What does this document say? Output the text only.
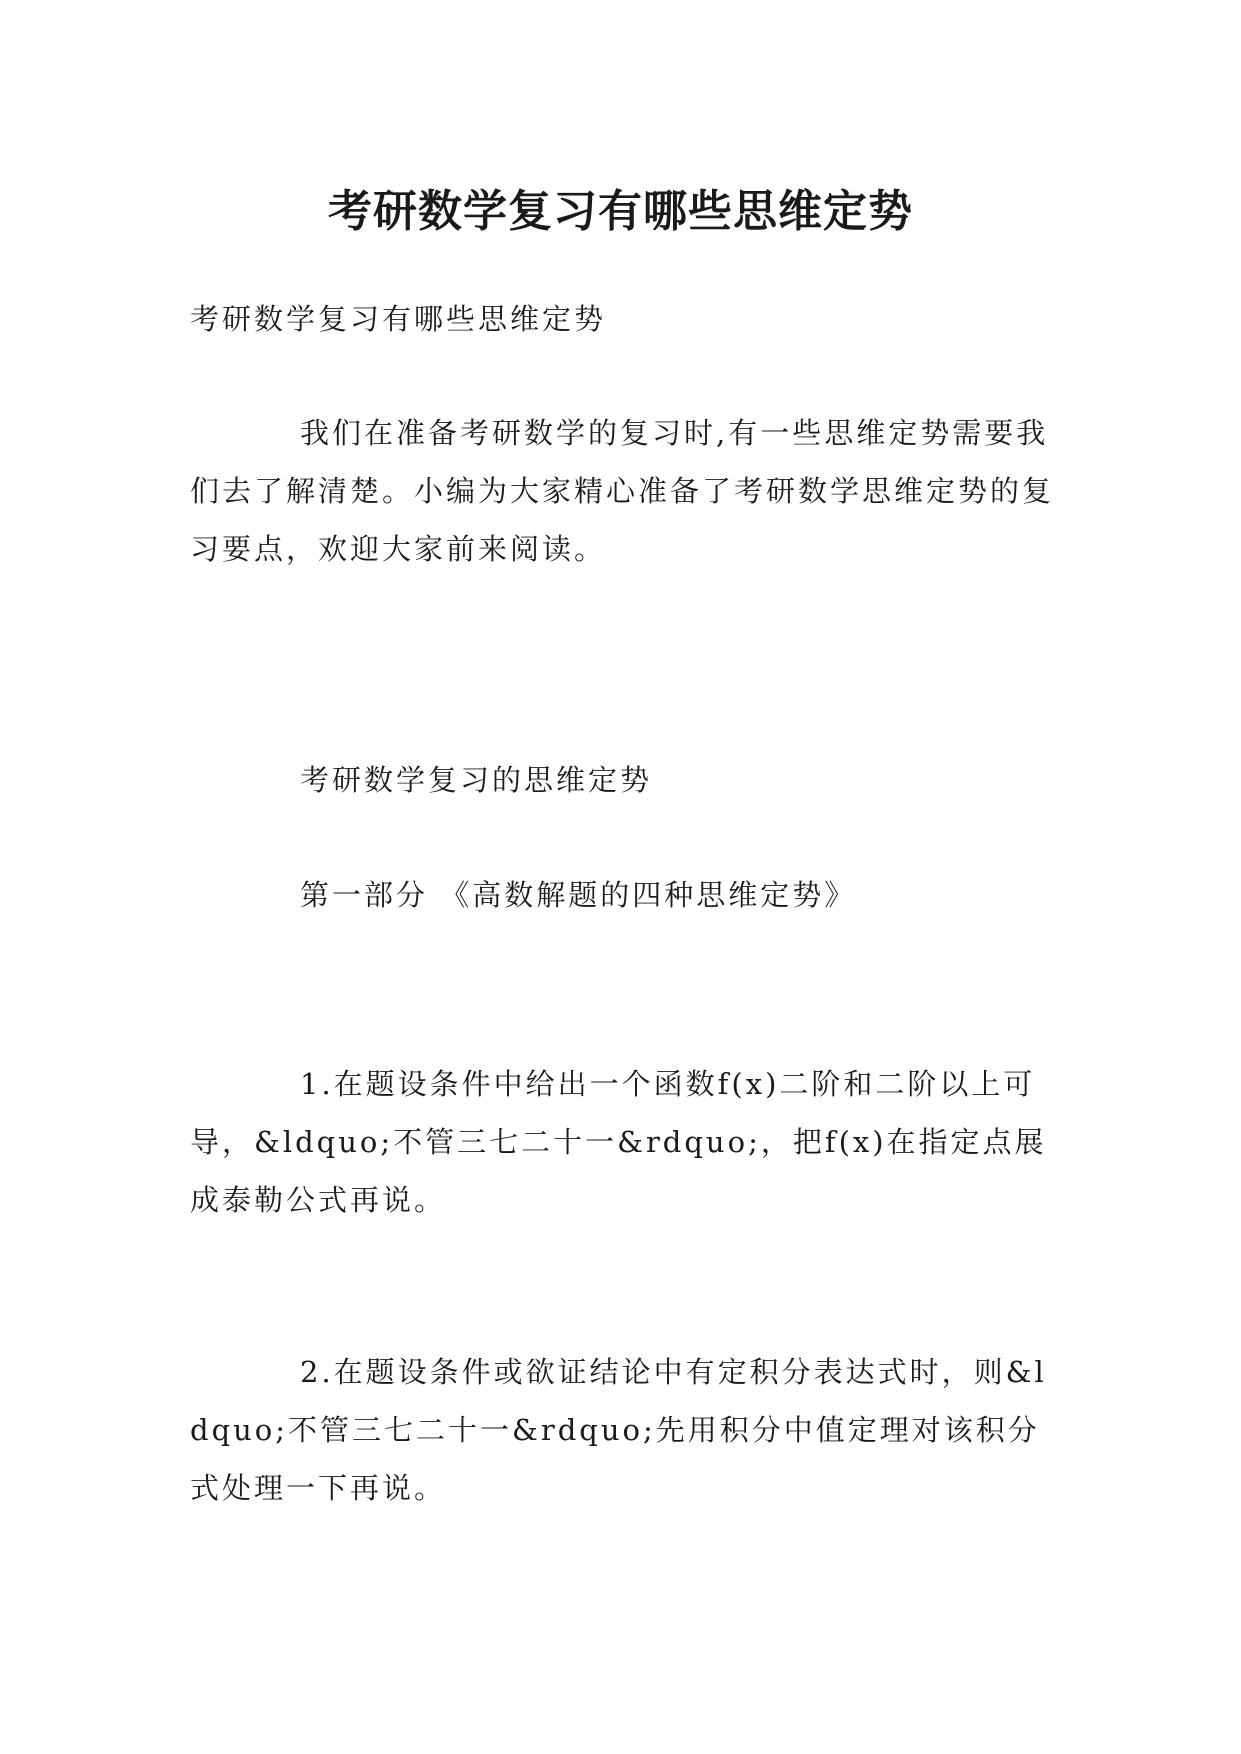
考研数学复习有哪些思维定势

考研数学复习有哪些思维定势

我们在准备考研数学的复习时,有一些思维定势需要我们去了解清楚。小编为大家精心准备了考研数学思维定势的复习要点，欢迎大家前来阅读。

考研数学复习的思维定势

第一部分 《高数解题的四种思维定势》

1.在题设条件中给出一个函数f(x)二阶和二阶以上可导，&ldquo;不管三七二十一&rdquo;，把f(x)在指定点展成泰勒公式再说。

2.在题设条件或欲证结论中有定积分表达式时，则&ldquo;不管三七二十一&rdquo;先用积分中值定理对该积分式处理一下再说。
